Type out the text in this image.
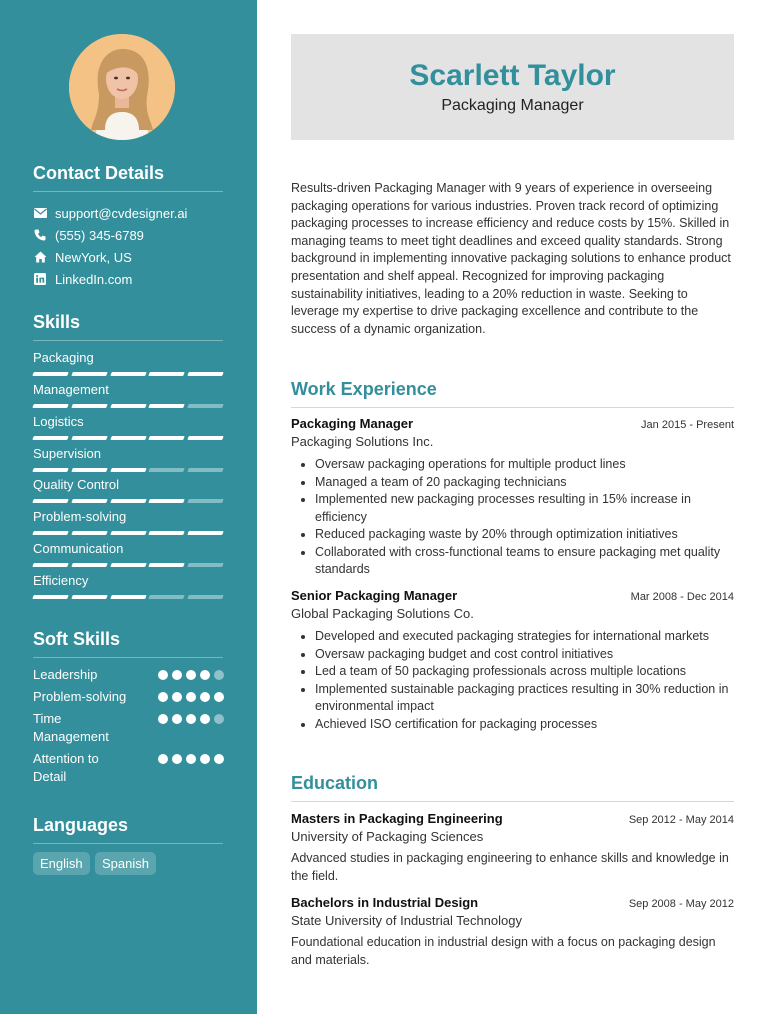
Contact Details
support@cvdesigner.ai
(555) 345-6789
NewYork, US
LinkedIn.com
Skills
Packaging
Management
Logistics
Supervision
Quality Control
Problem-solving
Communication
Efficiency
Soft Skills
Leadership
Problem-solving
Time Management
Attention to Detail
Languages
English	Spanish
Scarlett Taylor
Packaging Manager
Results-driven Packaging Manager with 9 years of experience in overseeing packaging operations for various industries. Proven track record of optimizing packaging processes to increase efficiency and reduce costs by 15%. Skilled in managing teams to meet tight deadlines and exceed quality standards. Strong background in implementing innovative packaging solutions to enhance product presentation and shelf appeal. Recognized for improving packaging sustainability initiatives, leading to a 20% reduction in waste. Seeking to leverage my expertise to drive packaging excellence and contribute to the success of a dynamic organization.
Work Experience
Packaging Manager	Jan 2015 - Present
Packaging Solutions Inc.
• Oversaw packaging operations for multiple product lines
• Managed a team of 20 packaging technicians
• Implemented new packaging processes resulting in 15% increase in efficiency
• Reduced packaging waste by 20% through optimization initiatives
• Collaborated with cross-functional teams to ensure packaging met quality standards
Senior Packaging Manager	Mar 2008 - Dec 2014
Global Packaging Solutions Co.
• Developed and executed packaging strategies for international markets
• Oversaw packaging budget and cost control initiatives
• Led a team of 50 packaging professionals across multiple locations
• Implemented sustainable packaging practices resulting in 30% reduction in environmental impact
• Achieved ISO certification for packaging processes
Education
Masters in Packaging Engineering	Sep 2012 - May 2014
University of Packaging Sciences
Advanced studies in packaging engineering to enhance skills and knowledge in the field.
Bachelors in Industrial Design	Sep 2008 - May 2012
State University of Industrial Technology
Foundational education in industrial design with a focus on packaging design and materials.
